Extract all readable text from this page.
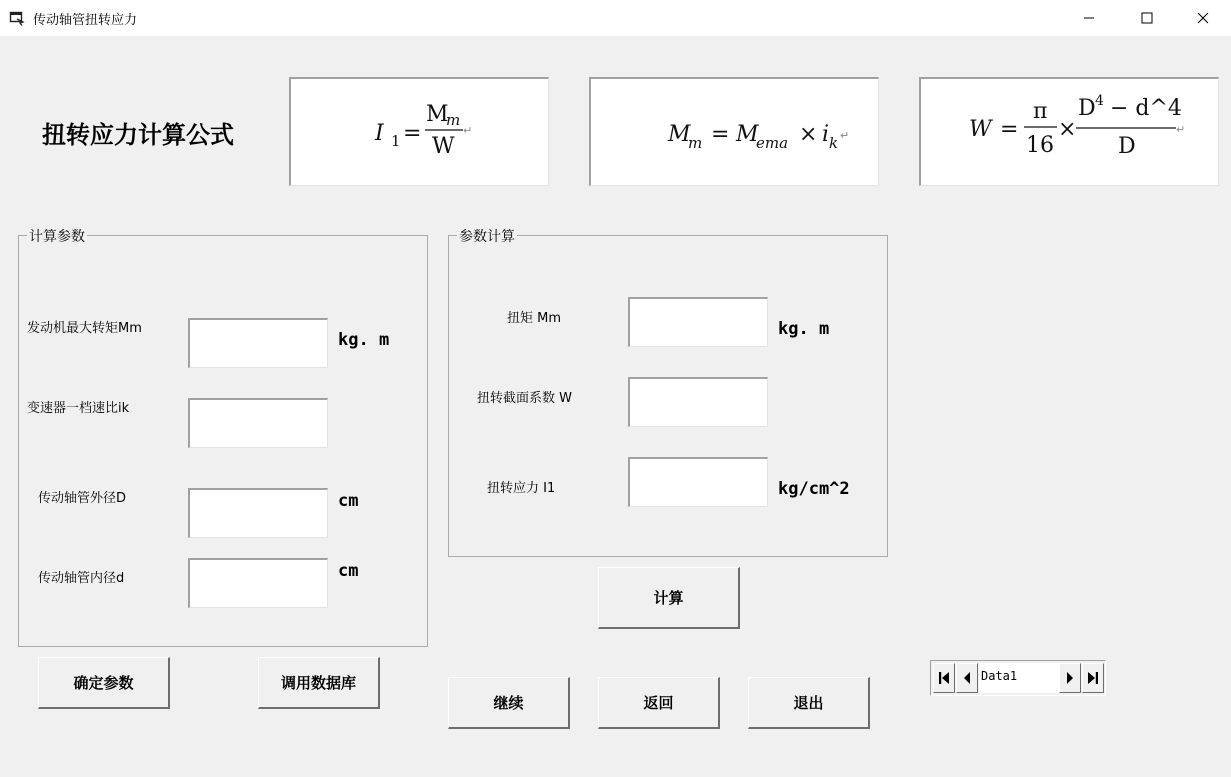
传动轴管扭转应力
扭转应力计算公式	I 1 =
M
m
W
↵	M
m = M
ema × i k ↵	W =
π
16
×
D 4 − d^4
D
↵
计算参数
发动机最大转矩Mm
kg. m
变速器一档速比ik
传动轴管外径D	cm
传动轴管内径d	cm
参数计算
扭矩 Mm
kg. m
扭转截面系数 W
扭转应力 I1	kg/cm^2
计算
确定参数	调用数据库
继续	返回	退出
Data1
